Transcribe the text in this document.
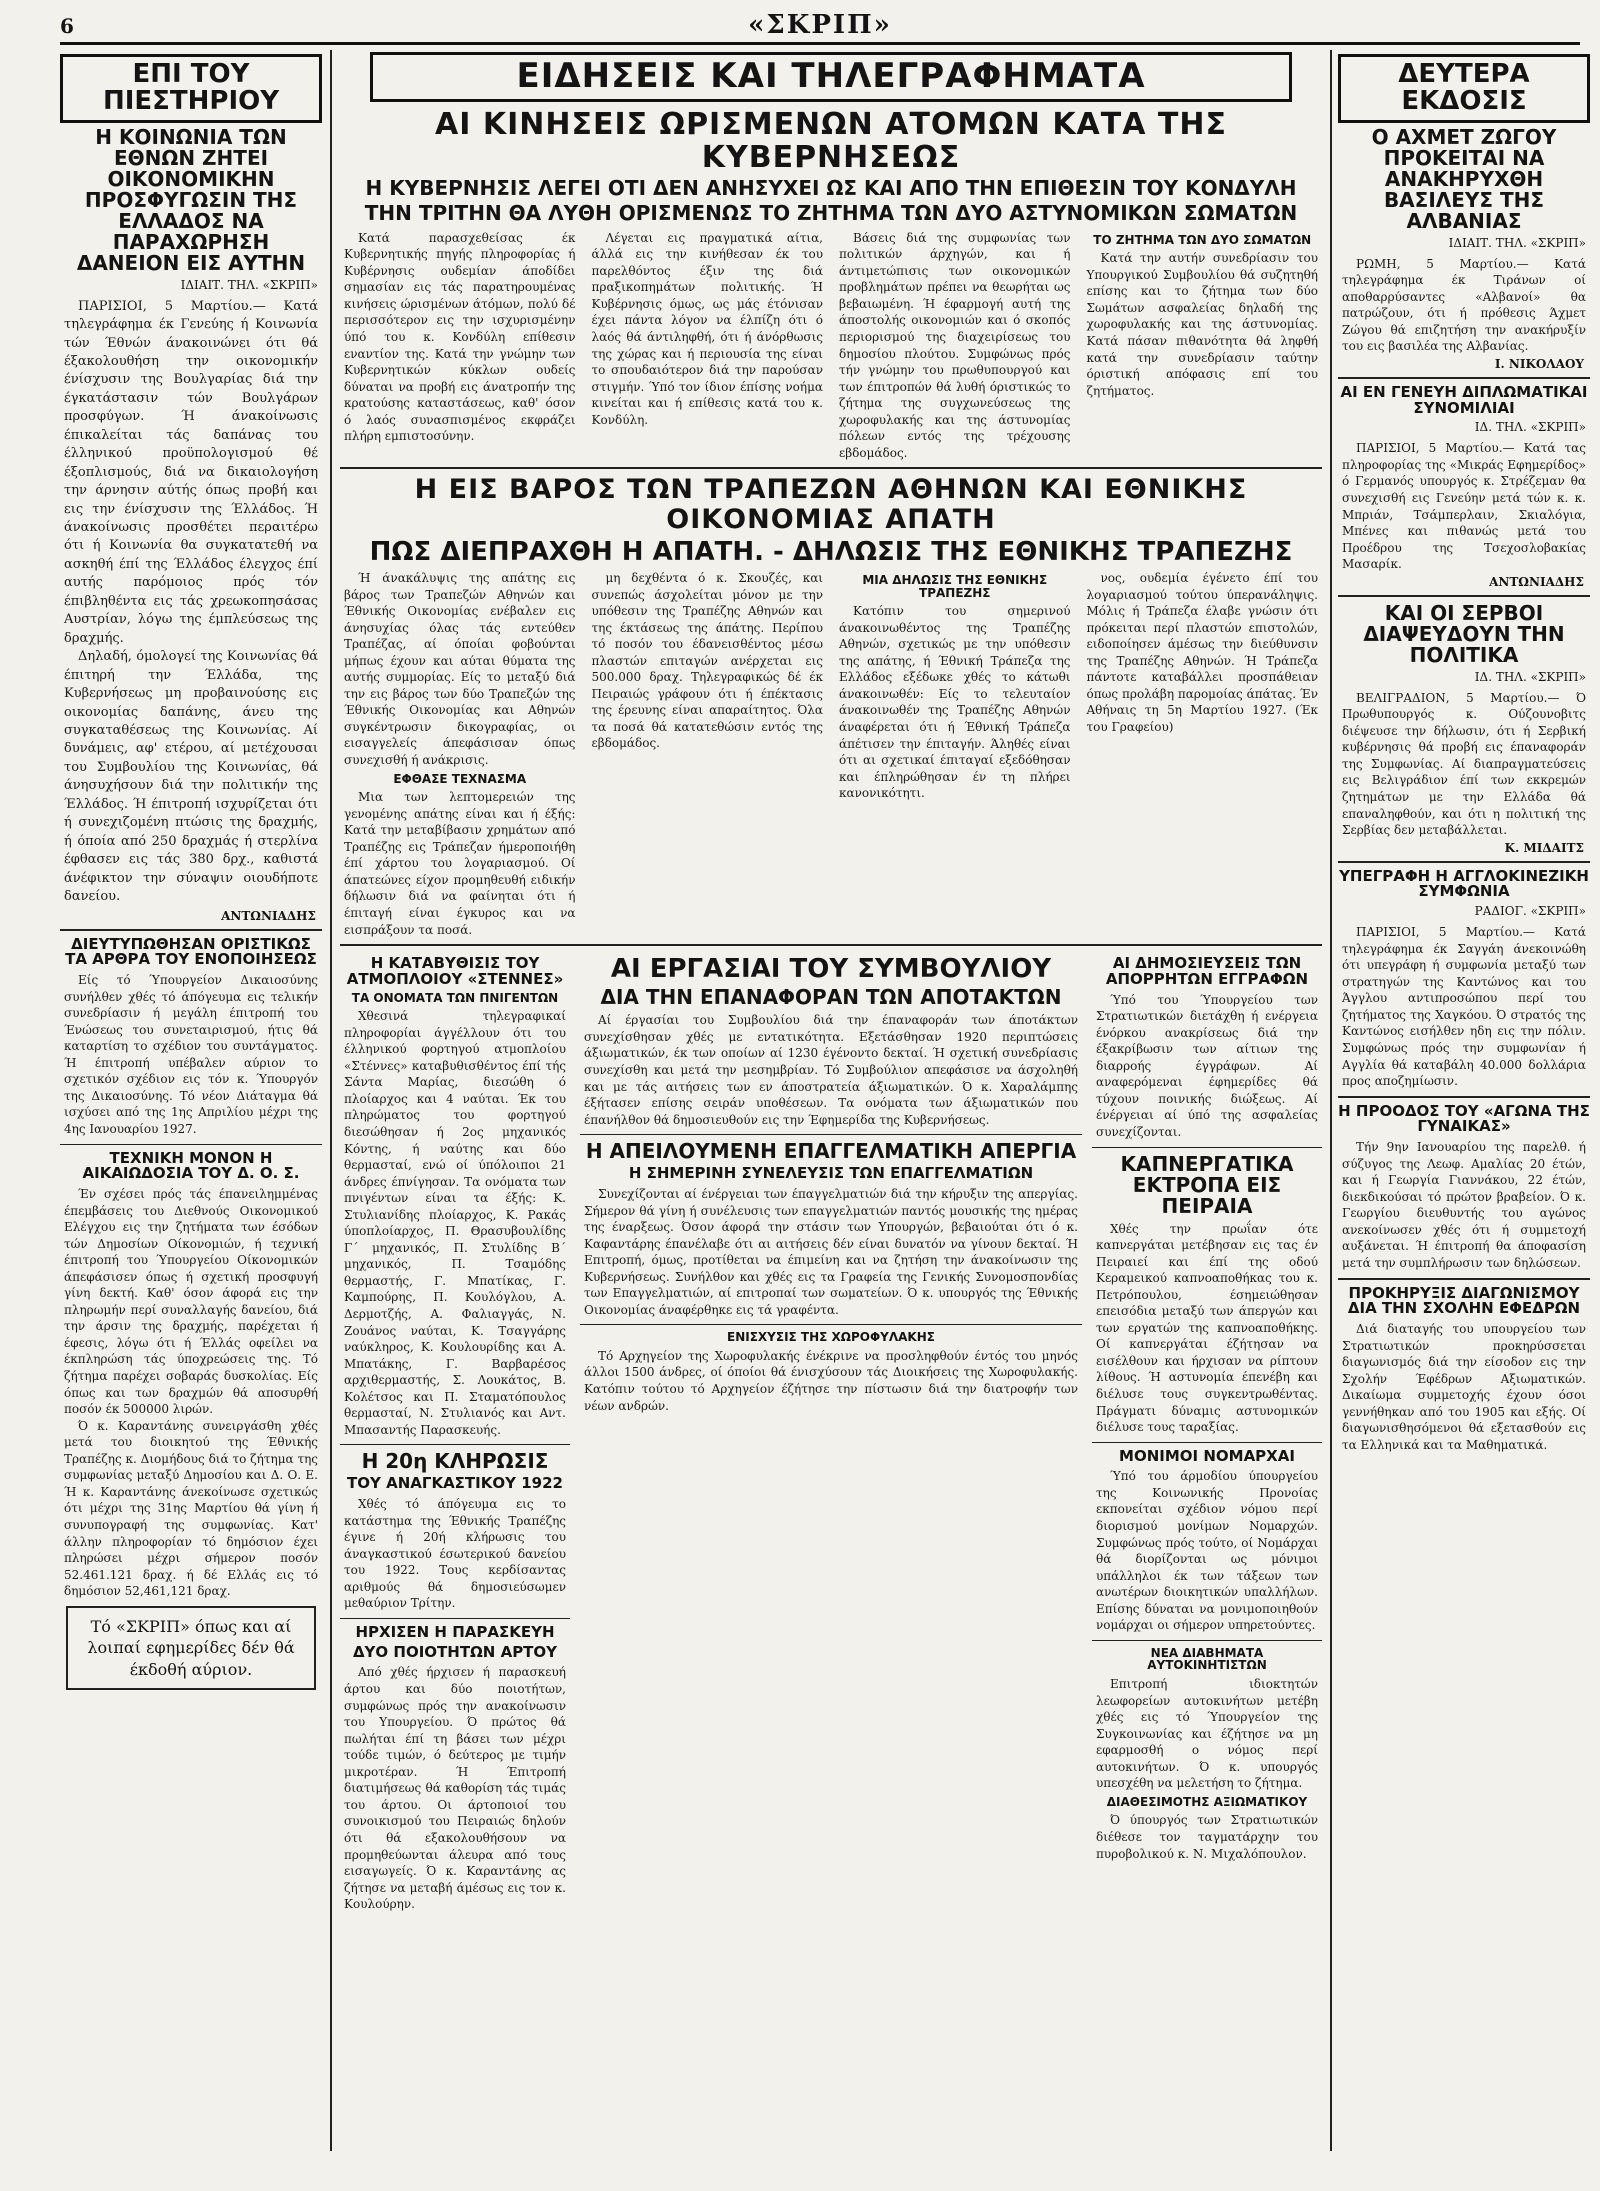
6	«ΣΚΡΙΠ»
ΕΠΙ ΤΟΥ ΠΙΕΣΤΗΡΙΟΥ
Η ΚΟΙΝΩΝΙΑ ΤΩΝ ΕΘΝΩΝ ΖΗΤΕΙ ΟΙΚΟΝΟΜΙΚΗΝ ΠΡΟΣΦΥΓΩΣΙΝ ΤΗΣ ΕΛΛΑΔΟΣ ΝΑ ΠΑΡΑΧΩΡΗΣΗ ΔΑΝΕΙΟΝ ΕΙΣ ΑΥΤΗΝ
ΙΔΙΑΙΤ. ΤΗΛ. «ΣΚΡΙΠ»
ΠΑΡΙΣΙΟΙ, 5 Μαρτίου.— Κατά τηλεγράφημα έκ Γενεύης ή Κοινωνία τών Έθνών άνακοινώνει ότι θά έξακολουθήση την οικονομικήν ένίσχυσιν της Βουλγαρίας διά την έγκατάστασιν τών Βουλγάρων προσφύγων. Ή άνακοίνωσις έπικαλείται τάς δαπάνας του έλληνικού προϋπολογισμού θέ έξοπλισμούς, διά να δικαιολογήση την άρνησιν αύτής όπως προβή και εις την ένίσχυσιν της Έλλάδος. Ή άνακοίνωσις προσθέτει περαιτέρω ότι ή Κοινωνία θα συγκατατεθή να ασκηθή έπί της Έλλάδος έλεγχος έπί αυτής παρόμοιος πρός τόν έπιβληθέντα εις τάς χρεωκοπησάσας Αυστρίαν, λόγω της έμπλεύσεως της δραχμής.
Δηλαδή, όμολογεί της Κοινωνίας θά έπιτηρή την Έλλάδα, της Κυβερνήσεως μη προβαινούσης εις οικονομίας δαπάνης, άνευ της συγκαταθέσεως της Κοινωνίας. Αί δυνάμεις, αφ' ετέρου, αί μετέχουσαι του Συμβουλίου της Κοινωνίας, θά άνησυχήσουν διά την πολιτικήν της Έλλάδος. Ή έπιτροπή ισχυρίζεται ότι ή συνεχιζομένη πτώσις της δραχμής, ή όποία από 250 δραχμάς ή στερλίνα έφθασεν εις τάς 380 δρχ., καθιστά άνέφικτον την σύναψιν οιουδήποτε δανείου.
ΑΝΤΩΝΙΑΔΗΣ
ΔΙΕΥΤΥΠΩΘΗΣΑΝ ΟΡΙΣΤΙΚΩΣ ΤΑ ΑΡΘΡΑ ΤΟΥ ΕΝΟΠΟΙΗΣΕΩΣ
Είς τό Ύπουργείον Δικαιοσύνης συνήλθεν χθές τό άπόγευμα εις τελικήν συνεδρίασιν ή μεγάλη έπιτροπή του Ένώσεως του συνεταιρισμού, ήτις θά καταρτίση το σχέδιον του συντάγματος. Ή έπιτροπή υπέβαλεν αύριον το σχετικόν σχέδιον εις τόν κ. Ύπουργόν της Δικαιοσύνης. Τό νέον Διάταγμα θά ισχύσει από της 1ης Απριλίου μέχρι της 4ης Ιανουαρίου 1927.
ΤΕΧΝΙΚΗ ΜΟΝΟΝ Η ΑΙΚΑΙΩΔΟΣΙΑ ΤΟΥ Δ. Ο. Σ.
Έν σχέσει πρός τάς έπανειλημμένας έπεμβάσεις του Διεθνούς Οικονομικού Ελέγχου εις την ζητήματα των έσόδων τών Δημοσίων Οίκονομιών, ή τεχνική έπιτροπή του Ύπουργείου Οίκονομικών άπεφάσισεν όπως ή σχετική προσφυγή γίνη δεκτή. Καθ' όσον άφορά εις την πληρωμήν περί συναλλαγής δανείου, διά την άρσιν της δραχμής, παρέχεται ή έφεσις, λόγω ότι ή Έλλάς οφείλει να έκπληρώση τάς ύποχρεώσεις της. Τό ζήτημα παρέχει σοβαράς δυσκολίας. Είς όπως και των δραχμών θά αποσυρθή ποσόν έκ 500000 λιρών.
Ό κ. Καραντάνης συνειργάσθη χθές μετά του διοικητού της Έθνικής Τραπέζης κ. Διομήδους διά το ζήτημα της συμφωνίας μεταξύ Δημοσίου και Δ. Ο. Ε. Ή κ. Καραντάνης άνεκοίνωσε σχετικώς ότι μέχρι της 31ης Μαρτίου θά γίνη ή συνυπογραφή της συμφωνίας. Κατ' άλλην πληροφορίαν τό δημόσιον έχει πληρώσει μέχρι σήμερον ποσόν 52.461.121 δραχ. ή δέ Ελλάς εις τό δημόσιον 52,461,121 δραχ.
Τό «ΣΚΡΙΠ» όπως και αί λοιπαί εφημερίδες δέν θά έκδοθή αύριον.
ΕΙΔΗΣΕΙΣ ΚΑΙ ΤΗΛΕΓΡΑΦΗΜΑΤΑ
ΑΙ ΚΙΝΗΣΕΙΣ ΩΡΙΣΜΕΝΩΝ ΑΤΟΜΩΝ ΚΑΤΑ ΤΗΣ ΚΥΒΕΡΝΗΣΕΩΣ
Η ΚΥΒΕΡΝΗΣΙΣ ΛΕΓΕΙ ΟΤΙ ΔΕΝ ΑΝΗΣΥΧΕΙ ΩΣ ΚΑΙ ΑΠΟ ΤΗΝ ΕΠΙΘΕΣΙΝ ΤΟΥ ΚΟΝΔΥΛΗ
ΤΗΝ ΤΡΙΤΗΝ ΘΑ ΛΥΘΗ ΟΡΙΣΜΕΝΩΣ ΤΟ ΖΗΤΗΜΑ ΤΩΝ ΔΥΟ ΑΣΤΥΝΟΜΙΚΩΝ ΣΩΜΑΤΩΝ
Κατά παρασχεθείσας έκ Κυβερνητικής πηγής πληροφορίας ή Κυβέρνησις ουδεμίαν άποδίδει σημασίαν εις τάς παρατηρουμένας κινήσεις ώρισμένων άτόμων, πολύ δέ περισσότερον εις την ισχυρισμένην ύπό του κ. Κονδύλη επίθεσιν εναντίον της. Κατά την γνώμην των Κυβερνητικών κύκλων ουδείς δύναται να προβή εις άνατροπήν της κρατούσης καταστάσεως, καθ' όσον ό λαός συνασπισμένος εκφράζει πλήρη εμπιστοσύνην.
Λέγεται εις πραγματικά αίτια, άλλά εις την κινήθεσαν έκ του παρελθόντος έξιν της διά πραξικοπημάτων πολιτικής. Ή Κυβέρνησις όμως, ως μάς έτόνισαν έχει πάντα λόγον να έλπίζη ότι ό λαός θά άντιληφθή, ότι ή άνόρθωσις της χώρας και ή περιουσία της είναι το σπουδαιότερον διά την παρούσαν στιγμήν. Ύπό τον ίδιον έπίσης νοήμα κινείται και ή επίθεσις κατά του κ. Κονδύλη.
Βάσεις διά της συμφωνίας των πολιτικών άρχηγών, και ή άντιμετώπισις των οικονομικών προβλημάτων πρέπει να θεωρήται ως βεβαιωμένη. Ή έφαρμογή αυτή της άποστολής οικονομιών και ό σκοπός περιορισμού της διαχειρίσεως του δημοσίου πλούτου. Συμφώνως πρός τήν γνώμην του πρωθυπουργού και των έπιτροπών θά λυθή όριστικώς το ζήτημα της συγχωνεύσεως της χωροφυλακής και της άστυνομίας πόλεων εντός της τρέχουσης εβδομάδος.
ΤΟ ΖΗΤΗΜΑ ΤΩΝ ΔΥΟ ΣΩΜΑΤΩΝ
Κατά την αυτήν συνεδρίασιν του Υπουργικού Συμβουλίου θά συζητηθή επίσης και το ζήτημα των δύο Σωμάτων ασφαλείας δηλαδή της χωροφυλακής και της άστυνομίας. Κατά πάσαν πιθανότητα θά ληφθή κατά την συνεδρίασιν ταύτην όριστική απόφασις επί του ζητήματος.
Η ΕΙΣ ΒΑΡΟΣ ΤΩΝ ΤΡΑΠΕΖΩΝ ΑΘΗΝΩΝ ΚΑΙ ΕΘΝΙΚΗΣ ΟΙΚΟΝΟΜΙΑΣ ΑΠΑΤΗ
ΠΩΣ ΔΙΕΠΡΑΧΘΗ Η ΑΠΑΤΗ. - ΔΗΛΩΣΙΣ ΤΗΣ ΕΘΝΙΚΗΣ ΤΡΑΠΕΖΗΣ
Ή άνακάλυψις της απάτης εις βάρος των Τραπεζών Αθηνών και Έθνικής Οικονομίας ενέβαλεν εις άνησυχίας όλας τάς εντεύθεν Τραπέζας, αί όποίαι φοβούνται μήπως έχουν και αύται θύματα της αυτής συμμορίας. Είς το μεταξύ διά την εις βάρος των δύο Τραπεζών της Έθνικής Οικονομίας και Αθηνών συγκέντρωσιν δικογραφίας, οι εισαγγελείς άπεφάσισαν όπως συνεχισθή ή ανάκρισις.
ΕΦΘΑΣΕ ΤΕΧΝΑΣΜΑ
Μια των λεπτομερειών της γενομένης απάτης είναι και ή έξής: Κατά την μεταβίβασιν χρημάτων από Τραπέζης εις Τράπεζαν ήμεροποιήθη έπί χάρτου του λογαριασμού. Οί άπατεώνες είχον προμηθευθή ειδικήν δήλωσιν διά να φαίνηται ότι ή έπιταγή είναι έγκυρος και να εισπράξουν τα ποσά.
μη δεχθέντα ό κ. Σκουζές, και συνεπώς άσχολείται μόνον με την υπόθεσιν της Τραπέζης Αθηνών και της έκτάσεως της άπάτης. Περίπου τό ποσόν του έδανεισθέντος μέσω πλαστών επιταγών ανέρχεται εις 500.000 δραχ. Τηλεγραφικώς δέ έκ Πειραιώς γράφουν ότι ή έπέκτασις της έρευνης είναι απαραίτητος. Όλα τα ποσά θά κατατεθώσιν εντός της εβδομάδος.
ΜΙΑ ΔΗΛΩΣΙΣ ΤΗΣ ΕΘΝΙΚΗΣ ΤΡΑΠΕΖΗΣ
Κατόπιν του σημερινού άνακοινωθέντος της Τραπέζης Αθηνών, σχετικώς με την υπόθεσιν της απάτης, ή Έθνική Τράπεζα της Ελλάδος εξέδωκε χθές το κάτωθι άνακοινωθέν: Είς το τελευταίον άνακοινωθέν της Τραπέζης Αθηνών άναφέρεται ότι ή Έθνική Τράπεζα άπέτισεν την έπιταγήν. Άληθές είναι ότι αι σχετικαί έπιταγαί εξεδόθησαν και έπληρώθησαν έν τη πλήρει κανονικότητι.
νος, ουδεμία έγένετο έπί του λογαριασμού τούτου ύπερανάληψις. Μόλις ή Τράπεζα έλαβε γνώσιν ότι πρόκειται περί πλαστών επιστολών, ειδοποίησεν άμέσως την διεύθυνσιν της Τραπέζης Αθηνών. Ή Τράπεζα πάντοτε καταβάλλει προσπάθειαν όπως προλάβη παρομοίας άπάτας. Έν Αθήναις τη 5η Μαρτίου 1927. (Έκ του Γραφείου)
Η ΚΑΤΑΒΥΘΙΣΙΣ ΤΟΥ ΑΤΜΟΠΛΟΙΟΥ «ΣΤΕΝΝΕΣ»
ΤΑ ΟΝΟΜΑΤΑ ΤΩΝ ΠΝΙΓΕΝΤΩΝ
Χθεσινά τηλεγραφικαί πληροφορίαι άγγέλλουν ότι του έλληνικού φορτηγού ατμοπλοίου «Στέννες» καταβυθισθέντος έπί τής Σάντα Μαρίας, διεσώθη ό πλοίαρχος και 4 ναύται. Έκ του πληρώματος του φορτηγού διεσώθησαν ή 2ος μηχανικός Κόντης, ή ναύτης και δύο θερμασταί, ενώ οί ύπόλοιποι 21 άνδρες έπνίγησαν. Τα ονόματα των πνιγέντων είναι τα έξής: Κ. Στυλιανίδης πλοίαρχος, Κ. Ρακάς ύποπλοίαρχος, Π. Θρασυβουλίδης Γ΄ μηχανικός, Π. Στυλίδης Β΄ μηχανικός, Π. Τσαμόδης θερμαστής, Γ. Μπατίκας, Γ. Καμπούρης, Π. Κουλόγλου, Α. Δερμοτζής, Α. Φαλιαγγάς, Ν. Ζουάνος ναύται, Κ. Τσαγγάρης ναύκληρος, Κ. Κουλουρίδης και Α. Μπατάκης, Γ. Βαρβαρέσος αρχιθερμαστής, Σ. Λουκάτος, Β. Κολέτσος και Π. Σταματόπουλος θερμασταί, Ν. Στυλιανός και Αντ. Μπασαντής Παρασκευής.
Η 20η ΚΛΗΡΩΣΙΣ
ΤΟΥ ΑΝΑΓΚΑΣΤΙΚΟΥ 1922
Χθές τό άπόγευμα εις το κατάστημα της Έθνικής Τραπέζης έγινε ή 20ή κλήρωσις του άναγκαστικού έσωτερικού δανείου του 1922. Τους κερδίσαντας αριθμούς θά δημοσιεύσωμεν μεθαύριον Τρίτην.
ΗΡΧΙΣΕΝ Η ΠΑΡΑΣΚΕΥΗ
ΔΥΟ ΠΟΙΟΤΗΤΩΝ ΑΡΤΟΥ
Από χθές ήρχισεν ή παρασκευή άρτου και δύο ποιοτήτων, συμφώνως πρός την ανακοίνωσιν του Υπουργείου. Ό πρώτος θά πωλήται έπί τη βάσει των μέχρι τούδε τιμών, ό δεύτερος με τιμήν μικροτέραν. Ή Έπιτροπή διατιμήσεως θά καθορίση τάς τιμάς του άρτου. Οι άρτοποιοί του συνοικισμού του Πειραιώς δηλούν ότι θά εξακολουθήσουν να προμηθεύωνται άλευρα από τους εισαγωγείς. Ό κ. Καραντάνης ας ζήτησε να μεταβή άμέσως εις τον κ. Κουλούρην.
ΑΙ ΕΡΓΑΣΙΑΙ ΤΟΥ ΣΥΜΒΟΥΛΙΟΥ
ΔΙΑ ΤΗΝ ΕΠΑΝΑΦΟΡΑΝ ΤΩΝ ΑΠΟΤΑΚΤΩΝ
Αί έργασίαι του Συμβουλίου διά την έπαναφοράν των άποτάκτων συνεχίσθησαν χθές με εντατικότητα. Εξετάσθησαν 1920 περιπτώσεις άξιωματικών, έκ των οποίων αί 1230 έγένοντο δεκταί. Ή σχετική συνεδρίασις συνεχίσθη και μετά την μεσημβρίαν. Τό Συμβούλιον απεφάσισε να άσχοληθή και με τάς αιτήσεις των εν άποστρατεία άξιωματικών. Ό κ. Χαραλάμπης έξήτασεν επίσης σειράν υποθέσεων. Τα ονόματα των άξιωματικών που έπανήλθον θά δημοσιευθούν εις την Έφημερίδα της Κυβερνήσεως.
Η ΑΠΕΙΛΟΥΜΕΝΗ ΕΠΑΓΓΕΛΜΑΤΙΚΗ ΑΠΕΡΓΙΑ
Η ΣΗΜΕΡΙΝΗ ΣΥΝΕΛΕΥΣΙΣ ΤΩΝ ΕΠΑΓΓΕΛΜΑΤΙΩΝ
Συνεχίζονται αί ένέργειαι των έπαγγελματιών διά την κήρυξιν της απεργίας. Σήμερον θά γίνη ή συνέλευσις των επαγγελματιών παντός μουσικής της ημέρας της έναρξεως. Όσον άφορά την στάσιν των Υπουργών, βεβαιούται ότι ό κ. Καφαντάρης έπανέλαβε ότι αι αιτήσεις δέν είναι δυνατόν να γίνουν δεκταί. Ή Επιτροπή, όμως, προτίθεται να έπιμείνη και να ζητήση την άνακοίνωσιν της Κυβερνήσεως. Συνήλθον και χθές εις τα Γραφεία της Γενικής Συνομοσπονδίας των Επαγγελματιών, αί επιτροπαί των σωματείων. Ό κ. υπουργός της Έθνικής Οικονομίας άναφέρθηκε εις τά γραφέντα.
ΕΝΙΣΧΥΣΙΣ ΤΗΣ ΧΩΡΟΦΥΛΑΚΗΣ
Τό Αρχηγείον της Χωροφυλακής ένέκρινε να προσληφθούν έντός του μηνός άλλοι 1500 άνδρες, οί όποίοι θά ένισχύσουν τάς Διοικήσεις της Χωροφυλακής. Κατόπιν τούτου τό Αρχηγείον έζήτησε την πίστωσιν διά την διατροφήν των νέων ανδρών.
ΑΙ ΔΗΜΟΣΙΕΥΣΕΙΣ ΤΩΝ ΑΠΟΡΡΗΤΩΝ ΕΓΓΡΑΦΩΝ
Ύπό του Ύπουργείου των Στρατιωτικών διετάχθη ή ενέργεια ένόρκου ανακρίσεως διά την έξακρίβωσιν των αίτιων της διαρροής έγγράφων. Αί αναφερόμεναι έφημερίδες θά τύχουν ποινικής διώξεως. Αί ένέργειαι αί ύπό της ασφαλείας συνεχίζονται.
ΚΑΠΝΕΡΓΑΤΙΚΑ ΕΚΤΡΟΠΑ ΕΙΣ ΠΕΙΡΑΙΑ
Χθές την πρωΐαν ότε καπνεργάται μετέβησαν εις τας έν Πειραιεί και έπί της οδού Κεραμεικού καπνοαποθήκας του κ. Πετρόπουλου, έσημειώθησαν επεισόδια μεταξύ των άπεργών και των εργατών της καπνοαποθήκης. Οί καπνεργάται έζήτησαν να εισέλθουν και ήρχισαν να ρίπτουν λίθους. Ή αστυνομία έπενέβη και διέλυσε τους συγκεντρωθέντας. Πράγματι δύναμις αστυνομικών διέλυσε τους ταραξίας.
ΜΟΝΙΜΟΙ ΝΟΜΑΡΧΑΙ
Ύπό του άρμοδίου ύπουργείου της Κοινωνικής Προνοίας εκπονείται σχέδιον νόμου περί διορισμού μονίμων Νομαρχών. Συμφώνως πρός τούτο, οί Νομάρχαι θά διορίζονται ως μόνιμοι υπάλληλοι έκ των τάξεων των ανωτέρων διοικητικών υπαλλήλων. Επίσης δύναται να μονιμοποιηθούν νομάρχαι οι σήμερον υπηρετούντες.
ΝΕΑ ΔΙΑΒΗΜΑΤΑ ΑΥΤΟΚΙΝΗΤΙΣΤΩΝ
Επιτροπή ιδιοκτητών λεωφορείων αυτοκινήτων μετέβη χθές εις τό Ύπουργείον της Συγκοινωνίας και έζήτησε να μη εφαρμοσθή ο νόμος περί αυτοκινήτων. Ό κ. υπουργός υπεσχέθη να μελετήση το ζήτημα.
ΔΙΑΘΕΣΙΜΟΤΗΣ ΑΞΙΩΜΑΤΙΚΟΥ
Ό ύπουργός των Στρατιωτικών διέθεσε τον ταγματάρχην του πυροβολικού κ. Ν. Μιχαλόπουλον.
ΔΕΥΤΕΡΑ ΕΚΔΟΣΙΣ
Ο ΑΧΜΕΤ ΖΩΓΟΥ ΠΡΟΚΕΙΤΑΙ ΝΑ ΑΝΑΚΗΡΥΧΘΗ ΒΑΣΙΛΕΥΣ ΤΗΣ ΑΛΒΑΝΙΑΣ
ΙΔΙΑΙΤ. ΤΗΛ. «ΣΚΡΙΠ»
ΡΩΜΗ, 5 Μαρτίου.— Κατά τηλεγράφημα έκ Τιράνων οί αποθαρρύσαντες «Αλβανοί» θα πατρώζουν, ότι ή πρόθεσις Άχμετ Ζώγου θά επιζητήση την ανακήρυξίν του εις βασιλέα της Αλβανίας.
Ι. ΝΙΚΟΛΑΟΥ
ΑΙ ΕΝ ΓΕΝΕΥΗ ΔΙΠΛΩΜΑΤΙΚΑΙ ΣΥΝΟΜΙΛΙΑΙ
ΙΔ. ΤΗΛ. «ΣΚΡΙΠ»
ΠΑΡΙΣΙΟΙ, 5 Μαρτίου.— Κατά τας πληροφορίας της «Μικράς Εφημερίδος» ό Γερμανός υπουργός κ. Στρέζεμαν θα συνεχισθή εις Γενεύην μετά τών κ. κ. Μπριάν, Τσάμπερλαιν, Σκιαλόγια, Μπένες και πιθανώς μετά του Προέδρου της Τσεχοσλοβακίας Μασαρίκ.
ΑΝΤΩΝΙΑΔΗΣ
ΚΑΙ ΟΙ ΣΕΡΒΟΙ ΔΙΑΨΕΥΔΟΥΝ ΤΗΝ ΠΟΛΙΤΙΚΑ
ΙΔ. ΤΗΛ. «ΣΚΡΙΠ»
ΒΕΛΙΓΡΑΔΙΟΝ, 5 Μαρτίου.— Ό Πρωθυπουργός κ. Ούζουνοβιτς διέψευσε την δήλωσιν, ότι ή Σερβική κυβέρνησις θά προβή εις έπαναφοράν της Συμφωνίας. Αί διαπραγματεύσεις εις Βελιγράδιον έπί των εκκρεμών ζητημάτων με την Ελλάδα θά επαναληφθούν, και ότι η πολιτική της Σερβίας δεν μεταβάλλεται.
Κ. ΜΙΔΑΙΤΣ
ΥΠΕΓΡΑΦΗ Η ΑΓΓΛΟΚΙΝΕΖΙΚΗ ΣΥΜΦΩΝΙΑ
ΡΑΔΙΟΓ. «ΣΚΡΙΠ»
ΠΑΡΙΣΙΟΙ, 5 Μαρτίου.— Κατά τηλεγράφημα έκ Σαγγάη άνεκοινώθη ότι υπεγράφη ή συμφωνία μεταξύ των στρατηγών της Καντώνος και του Άγγλου αντιπροσώπου περί του ζητήματος της Χαγκόου. Ό στρατός της Καντώνος εισήλθεν ηδη εις την πόλιν. Συμφώνως πρός την συμφωνίαν ή Αγγλία θά καταβάλη 40.000 δολλάρια προς αποζημίωσιν.
Η ΠΡΟΟΔΟΣ ΤΟΥ «ΑΓΩΝΑ ΤΗΣ ΓΥΝΑΙΚΑΣ»
Τήν 9ην Ιανουαρίου της παρελθ. ή σύζυγος της Λεωφ. Αμαλίας 20 έτών, και ή Γεωργία Γιαννάκου, 22 έτών, διεκδικούσαι τό πρώτον βραβείον. Ό κ. Γεωργίου διευθυντής του αγώνος ανεκοίνωσεν χθές ότι ή συμμετοχή αυξάνεται. Ή έπιτροπή θα άποφασίση μετά την συμπλήρωσιν των δηλώσεων.
ΠΡΟΚΗΡΥΞΙΣ ΔΙΑΓΩΝΙΣΜΟΥ ΔΙΑ ΤΗΝ ΣΧΟΛΗΝ ΕΦΕΔΡΩΝ
Διά διαταγής του υπουργείου των Στρατιωτικών προκηρύσσεται διαγωνισμός διά την είσοδον εις την Σχολήν Έφέδρων Αξιωματικών. Δικαίωμα συμμετοχής έχουν όσοι γεννήθηκαν από του 1905 και εξής. Οί διαγωνισθησόμενοι θά εξετασθούν εις τα Ελληνικά και τα Μαθηματικά.
